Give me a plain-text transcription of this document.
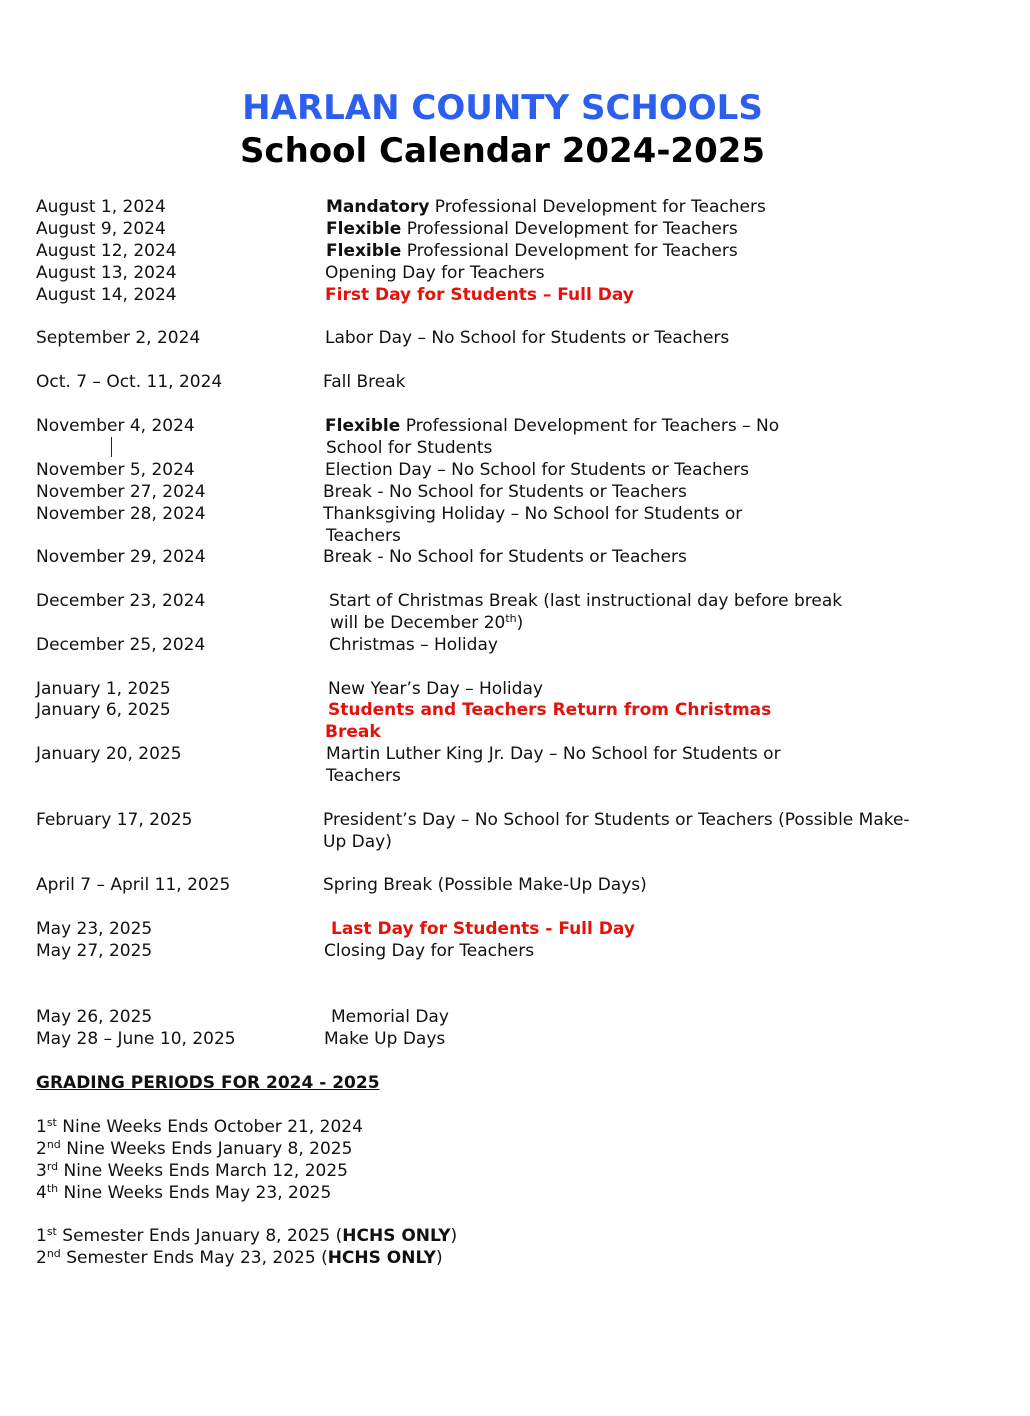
HARLAN COUNTY SCHOOLS
School Calendar 2024-2025
August 1, 2024	Mandatory Professional Development for Teachers
August 9, 2024	Flexible Professional Development for Teachers
August 12, 2024	Flexible Professional Development for Teachers
August 13, 2024	Opening Day for Teachers
August 14, 2024	First Day for Students – Full Day
September 2, 2024	Labor Day – No School for Students or Teachers
Oct. 7 – Oct. 11, 2024	Fall Break
November 4, 2024	Flexible Professional Development for Teachers – No
School for Students
November 5, 2024	Election Day – No School for Students or Teachers
November 27, 2024	Break - No School for Students or Teachers
November 28, 2024	Thanksgiving Holiday – No School for Students or
Teachers
November 29, 2024	Break - No School for Students or Teachers
December 23, 2024	Start of Christmas Break (last instructional day before break
will be December 20th)
December 25, 2024	Christmas – Holiday
January 1, 2025	New Year’s Day – Holiday
January 6, 2025	Students and Teachers Return from Christmas
Break
January 20, 2025	Martin Luther King Jr. Day – No School for Students or
Teachers
February 17, 2025	President’s Day – No School for Students or Teachers (Possible Make-
Up Day)
April 7 – April 11, 2025	Spring Break (Possible Make-Up Days)
May 23, 2025	Last Day for Students - Full Day
May 27, 2025	Closing Day for Teachers
May 26, 2025	Memorial Day
May 28 – June 10, 2025	Make Up Days
GRADING PERIODS FOR 2024 - 2025
1st Nine Weeks Ends October 21, 2024
2nd Nine Weeks Ends January 8, 2025
3rd Nine Weeks Ends March 12, 2025
4th Nine Weeks Ends May 23, 2025
1st Semester Ends January 8, 2025 (HCHS ONLY)
2nd Semester Ends May 23, 2025 (HCHS ONLY)
